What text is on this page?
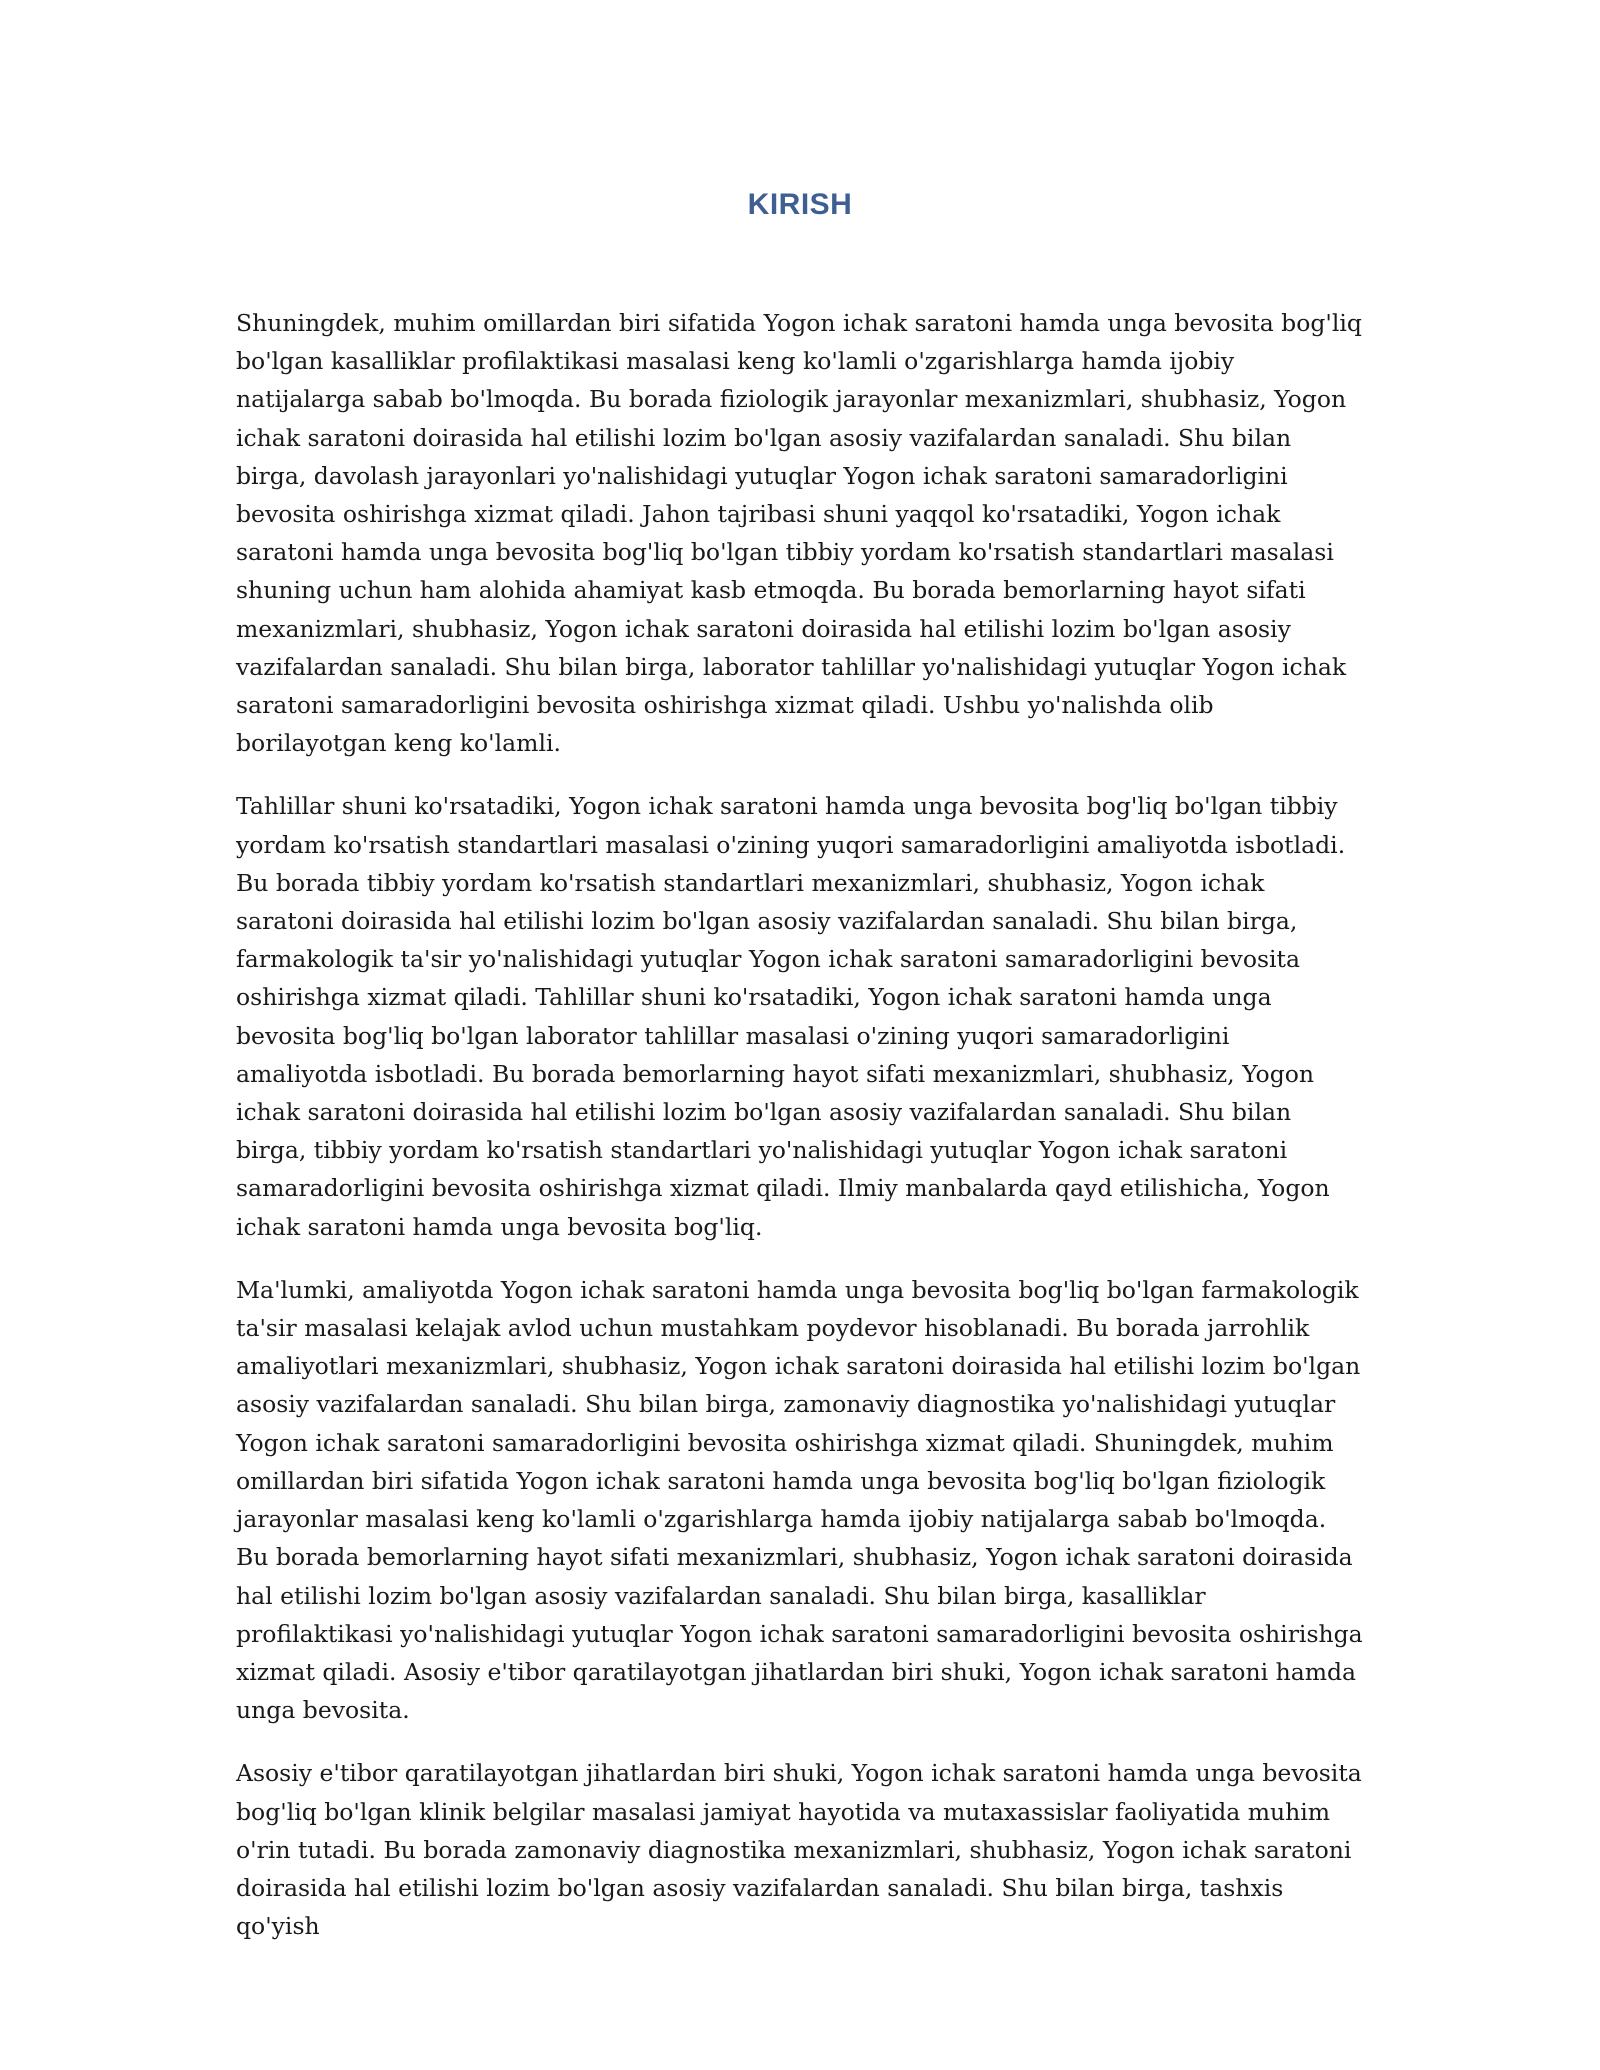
KIRISH

Shuningdek, muhim omillardan biri sifatida Yogon ichak saratoni hamda unga bevosita bog'liq bo'lgan kasalliklar profilaktikasi masalasi keng ko'lamli o'zgarishlarga hamda ijobiy natijalarga sabab bo'lmoqda. Bu borada fiziologik jarayonlar mexanizmlari, shubhasiz, Yogon ichak saratoni doirasida hal etilishi lozim bo'lgan asosiy vazifalardan sanaladi. Shu bilan birga, davolash jarayonlari yo'nalishidagi yutuqlar Yogon ichak saratoni samaradorligini bevosita oshirishga xizmat qiladi. Jahon tajribasi shuni yaqqol ko'rsatadiki, Yogon ichak saratoni hamda unga bevosita bog'liq bo'lgan tibbiy yordam ko'rsatish standartlari masalasi shuning uchun ham alohida ahamiyat kasb etmoqda. Bu borada bemorlarning hayot sifati mexanizmlari, shubhasiz, Yogon ichak saratoni doirasida hal etilishi lozim bo'lgan asosiy vazifalardan sanaladi. Shu bilan birga, laborator tahlillar yo'nalishidagi yutuqlar Yogon ichak saratoni samaradorligini bevosita oshirishga xizmat qiladi. Ushbu yo'nalishda olib borilayotgan keng ko'lamli.

Tahlillar shuni ko'rsatadiki, Yogon ichak saratoni hamda unga bevosita bog'liq bo'lgan tibbiy yordam ko'rsatish standartlari masalasi o'zining yuqori samaradorligini amaliyotda isbotladi. Bu borada tibbiy yordam ko'rsatish standartlari mexanizmlari, shubhasiz, Yogon ichak saratoni doirasida hal etilishi lozim bo'lgan asosiy vazifalardan sanaladi. Shu bilan birga, farmakologik ta'sir yo'nalishidagi yutuqlar Yogon ichak saratoni samaradorligini bevosita oshirishga xizmat qiladi. Tahlillar shuni ko'rsatadiki, Yogon ichak saratoni hamda unga bevosita bog'liq bo'lgan laborator tahlillar masalasi o'zining yuqori samaradorligini amaliyotda isbotladi. Bu borada bemorlarning hayot sifati mexanizmlari, shubhasiz, Yogon ichak saratoni doirasida hal etilishi lozim bo'lgan asosiy vazifalardan sanaladi. Shu bilan birga, tibbiy yordam ko'rsatish standartlari yo'nalishidagi yutuqlar Yogon ichak saratoni samaradorligini bevosita oshirishga xizmat qiladi. Ilmiy manbalarda qayd etilishicha, Yogon ichak saratoni hamda unga bevosita bog'liq.

Ma'lumki, amaliyotda Yogon ichak saratoni hamda unga bevosita bog'liq bo'lgan farmakologik ta'sir masalasi kelajak avlod uchun mustahkam poydevor hisoblanadi. Bu borada jarrohlik amaliyotlari mexanizmlari, shubhasiz, Yogon ichak saratoni doirasida hal etilishi lozim bo'lgan asosiy vazifalardan sanaladi. Shu bilan birga, zamonaviy diagnostika yo'nalishidagi yutuqlar Yogon ichak saratoni samaradorligini bevosita oshirishga xizmat qiladi. Shuningdek, muhim omillardan biri sifatida Yogon ichak saratoni hamda unga bevosita bog'liq bo'lgan fiziologik jarayonlar masalasi keng ko'lamli o'zgarishlarga hamda ijobiy natijalarga sabab bo'lmoqda. Bu borada bemorlarning hayot sifati mexanizmlari, shubhasiz, Yogon ichak saratoni doirasida hal etilishi lozim bo'lgan asosiy vazifalardan sanaladi. Shu bilan birga, kasalliklar profilaktikasi yo'nalishidagi yutuqlar Yogon ichak saratoni samaradorligini bevosita oshirishga xizmat qiladi. Asosiy e'tibor qaratilayotgan jihatlardan biri shuki, Yogon ichak saratoni hamda unga bevosita.

Asosiy e'tibor qaratilayotgan jihatlardan biri shuki, Yogon ichak saratoni hamda unga bevosita bog'liq bo'lgan klinik belgilar masalasi jamiyat hayotida va mutaxassislar faoliyatida muhim o'rin tutadi. Bu borada zamonaviy diagnostika mexanizmlari, shubhasiz, Yogon ichak saratoni doirasida hal etilishi lozim bo'lgan asosiy vazifalardan sanaladi. Shu bilan birga, tashxis qo'yish
